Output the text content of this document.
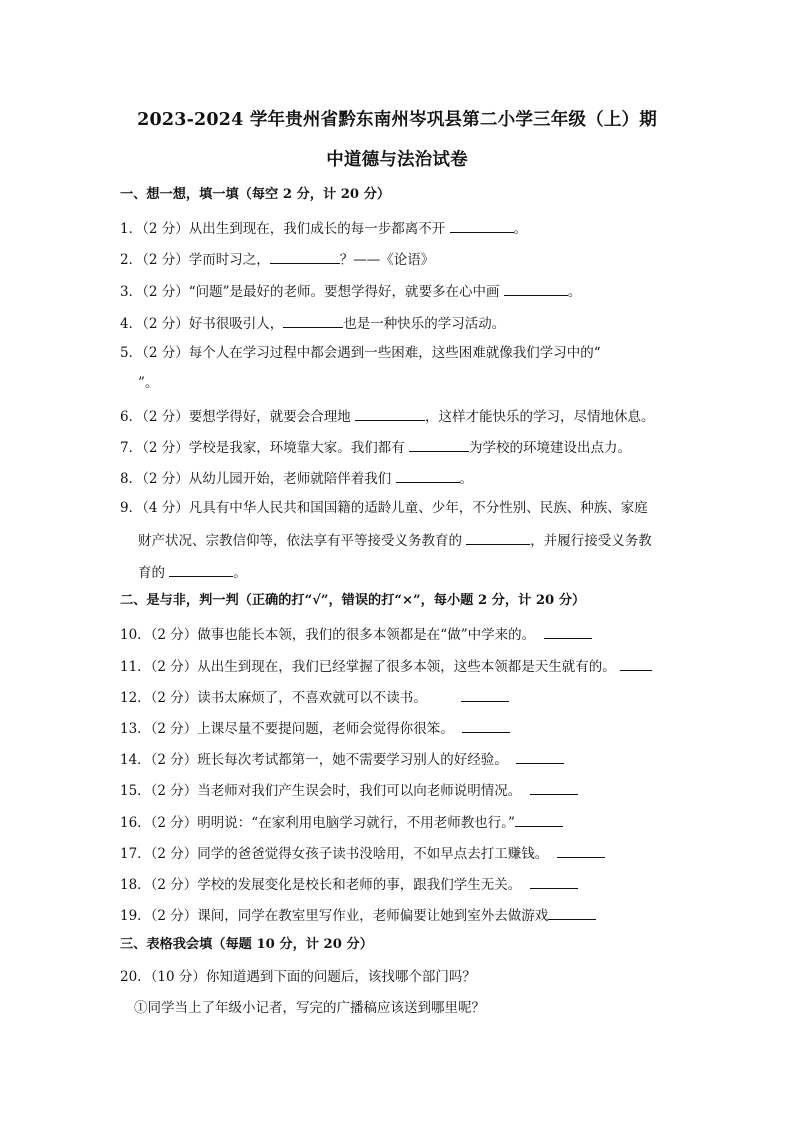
2023-2024 学年贵州省黔东南州岑巩县第二小学三年级（上）期
中道德与法治试卷
一、想一想，填一填（每空 2 分，计 20 分）
1．（2 分）从出生到现在，我们成长的每一步都离不开	。
2．（2 分）学而时习之，	？——《论语》
3．（2 分）“问题”是最好的老师。要想学得好，就要多在心中画	。
4．（2 分）好书很吸引人，	也是一种快乐的学习活动。
5．（2 分）每个人在学习过程中都会遇到一些困难，这些困难就像我们学习中的“
”。
6．（2 分）要想学得好，就要会合理地	，这样才能快乐的学习，尽情地休息。
7．（2 分）学校是我家，环境靠大家。我们都有	为学校的环境建设出点力。
8．（2 分）从幼儿园开始，老师就陪伴着我们	。
9．（4 分）凡具有中华人民共和国国籍的适龄儿童、少年，不分性别、民族、种族、家庭
财产状况、宗教信仰等，依法享有平等接受义务教育的	，并履行接受义务教
育的	。
二、是与非，判一判（正确的打“√”，错误的打“×”，每小题 2 分，计 20 分）
10．（2 分）做事也能长本领，我们的很多本领都是在“做”中学来的。
11．（2 分）从出生到现在，我们已经掌握了很多本领，这些本领都是天生就有的。
12．（2 分）读书太麻烦了，不喜欢就可以不读书。
13．（2 分）上课尽量不要提问题，老师会觉得你很笨。
14．（2 分）班长每次考试都第一，她不需要学习别人的好经验。
15．（2 分）当老师对我们产生误会时，我们可以向老师说明情况。
16．（2 分）明明说：“在家利用电脑学习就行，不用老师教也行。”
17．（2 分）同学的爸爸觉得女孩子读书没啥用，不如早点去打工赚钱。
18．（2 分）学校的发展变化是校长和老师的事，跟我们学生无关。
19．（2 分）课间，同学在教室里写作业，老师偏要让她到室外去做游戏
三、表格我会填（每题 10 分，计 20 分）
20．（10 分）你知道遇到下面的问题后，该找哪个部门吗？
①同学当上了年级小记者，写完的广播稿应该送到哪里呢？
